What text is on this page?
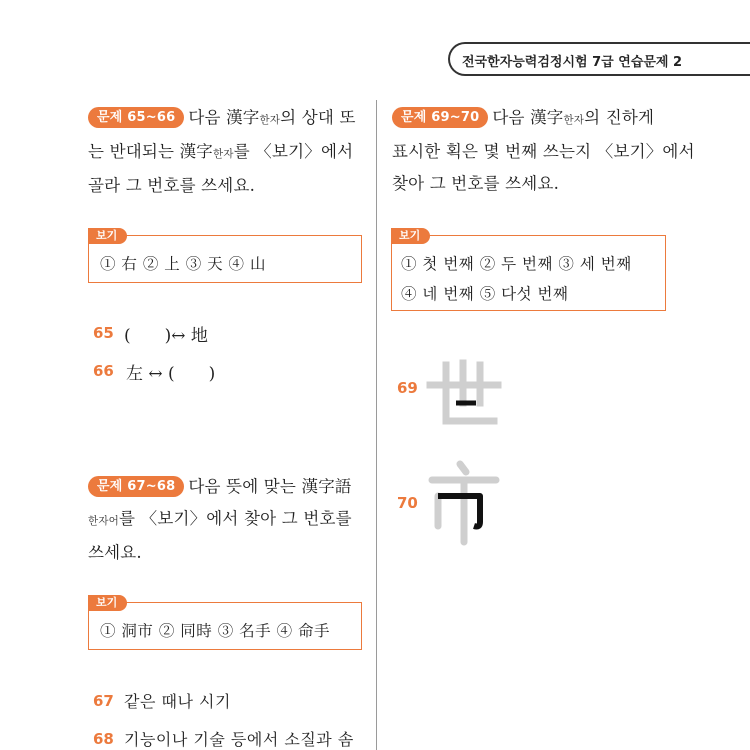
전국한자능력검정시험 7급 연습문제 2
문제 65~66 다음 漢字한자의 상대 또
는 반대되는 漢字한자를 〈보기〉에서
골라 그 번호를 쓰세요.
보기
① 右 ② 上 ③ 天 ④ 山
65 (　　)↔ 地
66 左 ↔ (　　)
문제 67~68 다음 뜻에 맞는 漢字語
한자어를 〈보기〉에서 찾아 그 번호를
쓰세요.
보기
① 洞市 ② 同時 ③ 名手 ④ 命手
67 같은 때나 시기
68 기능이나 기술 등에서 소질과 솜
문제 69~70 다음 漢字한자의 진하게
표시한 획은 몇 번째 쓰는지 〈보기〉에서
찾아 그 번호를 쓰세요.
보기
① 첫 번째 ② 두 번째 ③ 세 번째
④ 네 번째 ⑤ 다섯 번째
69
70
